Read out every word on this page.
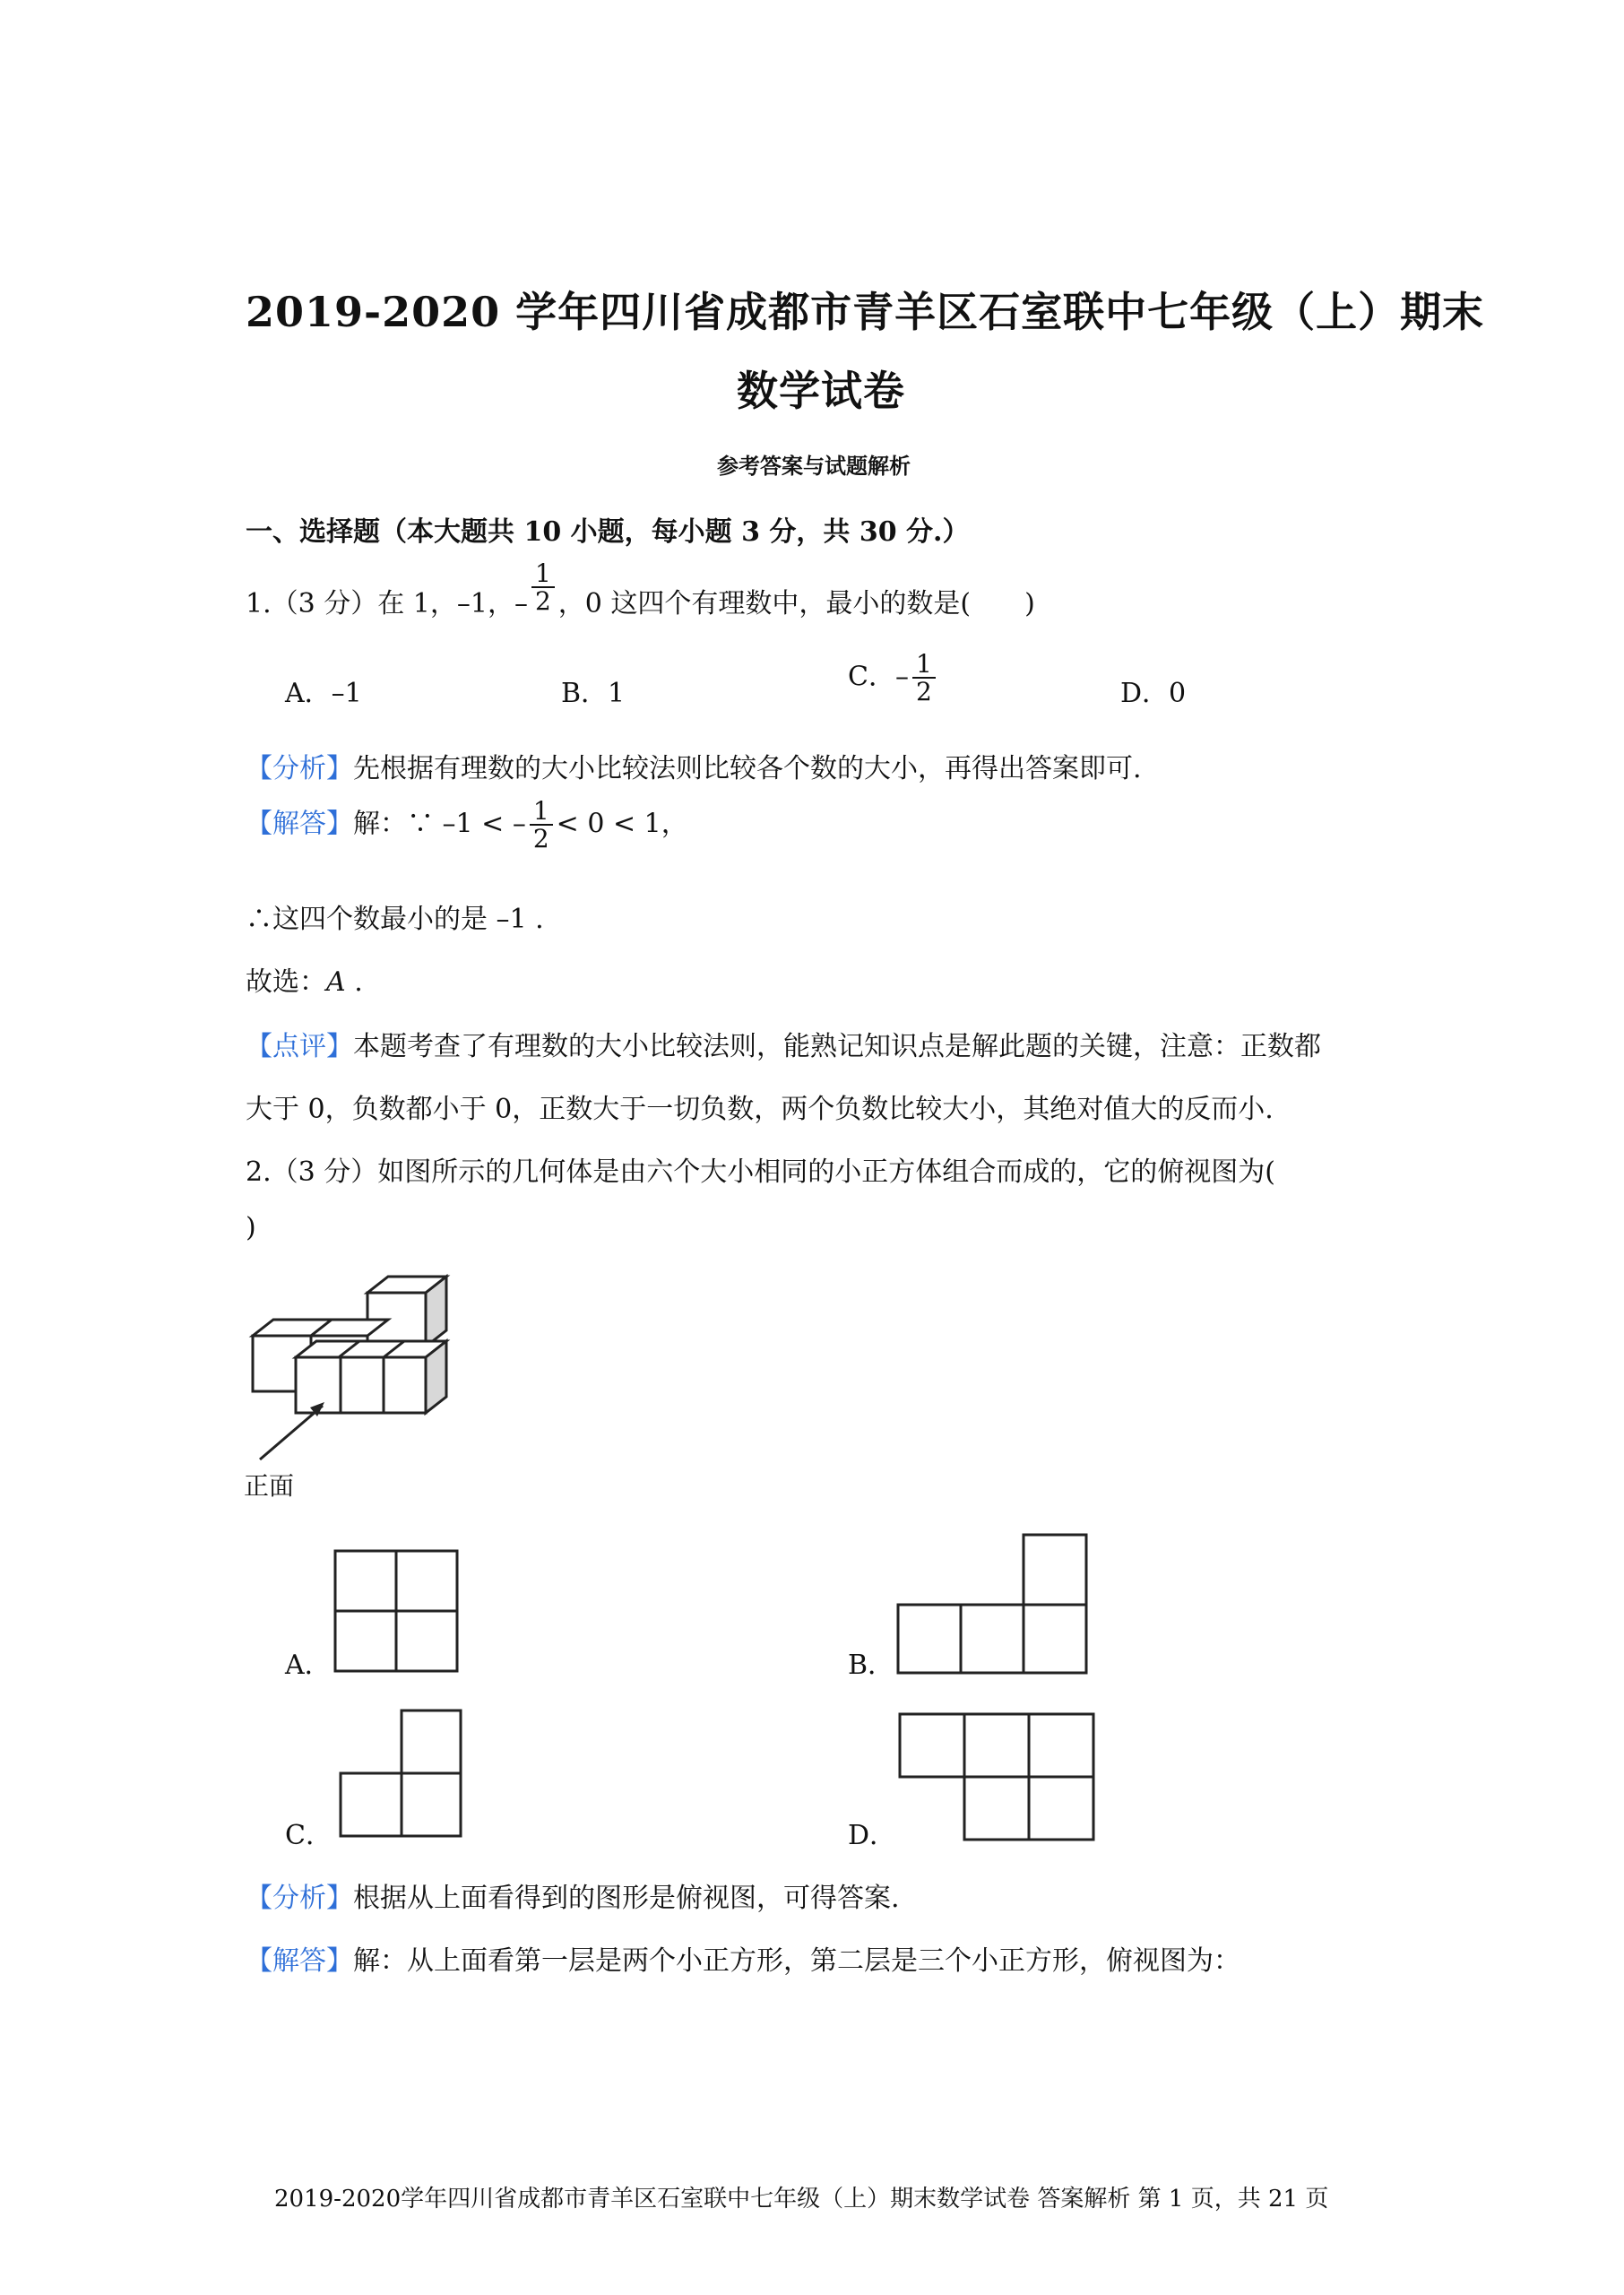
2019-2020 学年四川省成都市青羊区石室联中七年级（上）期末
数学试卷
参考答案与试题解析
一、选择题（本大题共 10 小题，每小题 3 分，共 30 分.）
1.（3 分）在 1，–1，– $\frac{1}{2}$ ，0 这四个有理数中，最小的数是(　　)
A．–1	B．1
C．– $\frac{1}{2}$	D．0
【分析】先根据有理数的大小比较法则比较各个数的大小，再得出答案即可.
【解答】解：∵ –1 < – $\frac{1}{2} < 0 < 1$，
∴这四个数最小的是 –1 .
故选：A .
【点评】本题考查了有理数的大小比较法则，能熟记知识点是解此题的关键，注意：正数都
大于 0，负数都小于 0，正数大于一切负数，两个负数比较大小，其绝对值大的反而小.
2.（3 分）如图所示的几何体是由六个大小相同的小正方体组合而成的，它的俯视图为(
)
正面
A．	B．
C．	D．
【分析】根据从上面看得到的图形是俯视图，可得答案.
【解答】解：从上面看第一层是两个小正方形，第二层是三个小正方形，俯视图为：
2019-2020学年四川省成都市青羊区石室联中七年级（上）期末数学试卷 答案解析 第 1 页，共 21 页
